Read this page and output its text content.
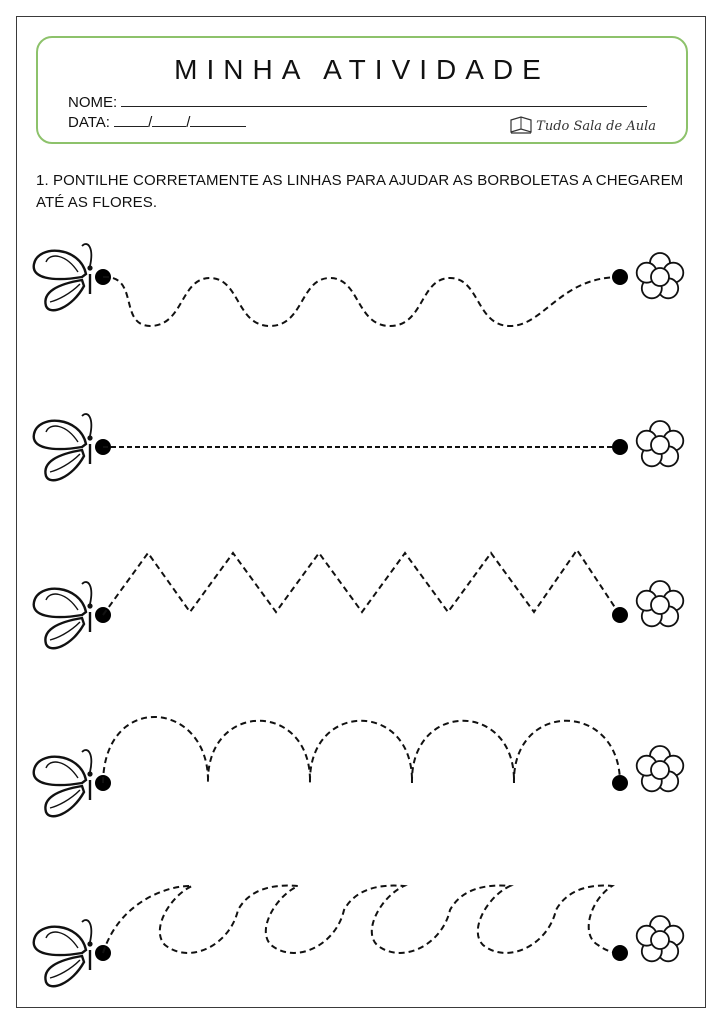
MINHA ATIVIDADE
NOME:
DATA:	/ /	Tudo Sala de Aula
1. PONTILHE CORRETAMENTE AS LINHAS PARA AJUDAR AS BORBOLETAS A CHEGAREM ATÉ AS FLORES.
